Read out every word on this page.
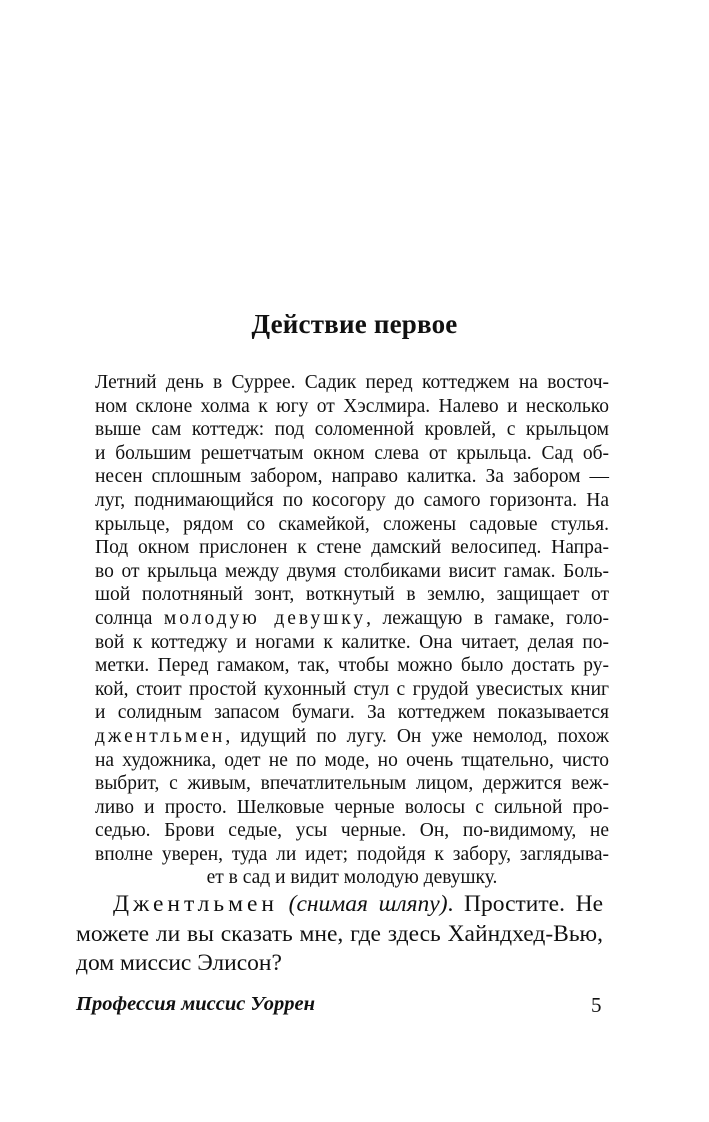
Действие первое
Летний день в Суррее. Садик перед коттеджем на восточ-
ном склоне холма к югу от Хэслмира. Налево и несколько
выше сам коттедж: под соломенной кровлей, с крыльцом
и большим решетчатым окном слева от крыльца. Сад об-
несен сплошным забором, направо калитка. За забором —
луг, поднимающийся по косогору до самого горизонта. На
крыльце, рядом со скамейкой, сложены садовые стулья.
Под окном прислонен к стене дамский велосипед. Напра-
во от крыльца между двумя столбиками висит гамак. Боль-
шой полотняный зонт, воткнутый в землю, защищает от
солнца молодую девушку, лежащую в гамаке, голо-
вой к коттеджу и ногами к калитке. Она читает, делая по-
метки. Перед гамаком, так, чтобы можно было достать ру-
кой, стоит простой кухонный стул с грудой увесистых книг
и солидным запасом бумаги. За коттеджем показывается
джентльмен, идущий по лугу. Он уже немолод, похож
на художника, одет не по моде, но очень тщательно, чисто
выбрит, с живым, впечатлительным лицом, держится веж-
ливо и просто. Шелковые черные волосы с сильной про-
седью. Брови седые, усы черные. Он, по-видимому, не
вполне уверен, туда ли идет; подойдя к забору, заглядыва-
ет в сад и видит молодую девушку.
Джентльмен (снимая шляпу). Простите. Не
можете ли вы сказать мне, где здесь Хайндхед-Вью,
дом миссис Элисон?
Профессия миссис Уоррен	5
